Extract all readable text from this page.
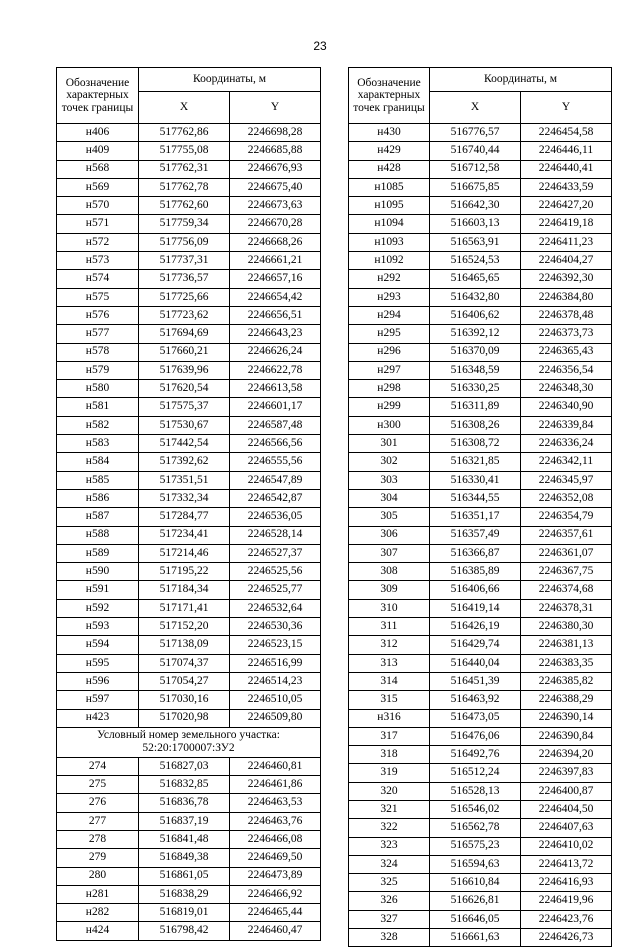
23
Обозначение характерных точек границы	Координаты, м	
	X	Y
н406	517762,86	2246698,28
н409	517755,08	2246685,88
н568	517762,31	2246676,93
н569	517762,78	2246675,40
н570	517762,60	2246673,63
н571	517759,34	2246670,28
н572	517756,09	2246668,26
н573	517737,31	2246661,21
н574	517736,57	2246657,16
н575	517725,66	2246654,42
н576	517723,62	2246656,51
н577	517694,69	2246643,23
н578	517660,21	2246626,24
н579	517639,96	2246622,78
н580	517620,54	2246613,58
н581	517575,37	2246601,17
н582	517530,67	2246587,48
н583	517442,54	2246566,56
н584	517392,62	2246555,56
н585	517351,51	2246547,89
н586	517332,34	2246542,87
н587	517284,77	2246536,05
н588	517234,41	2246528,14
н589	517214,46	2246527,37
н590	517195,22	2246525,56
н591	517184,34	2246525,77
н592	517171,41	2246532,64
н593	517152,20	2246530,36
н594	517138,09	2246523,15
н595	517074,37	2246516,99
н596	517054,27	2246514,23
н597	517030,16	2246510,05
н423	517020,98	2246509,80
Условный номер земельного участка: 52:20:1700007:ЗУ2		
274	516827,03	2246460,81
275	516832,85	2246461,86
276	516836,78	2246463,53
277	516837,19	2246463,76
278	516841,48	2246466,08
279	516849,38	2246469,50
280	516861,05	2246473,89
н281	516838,29	2246466,92
н282	516819,01	2246465,44
н424	516798,42	2246460,47
Обозначение характерных точек границы	Координаты, м	
	X	Y
н430	516776,57	2246454,58
н429	516740,44	2246446,11
н428	516712,58	2246440,41
н1085	516675,85	2246433,59
н1095	516642,30	2246427,20
н1094	516603,13	2246419,18
н1093	516563,91	2246411,23
н1092	516524,53	2246404,27
н292	516465,65	2246392,30
н293	516432,80	2246384,80
н294	516406,62	2246378,48
н295	516392,12	2246373,73
н296	516370,09	2246365,43
н297	516348,59	2246356,54
н298	516330,25	2246348,30
н299	516311,89	2246340,90
н300	516308,26	2246339,84
301	516308,72	2246336,24
302	516321,85	2246342,11
303	516330,41	2246345,97
304	516344,55	2246352,08
305	516351,17	2246354,79
306	516357,49	2246357,61
307	516366,87	2246361,07
308	516385,89	2246367,75
309	516406,66	2246374,68
310	516419,14	2246378,31
311	516426,19	2246380,30
312	516429,74	2246381,13
313	516440,04	2246383,35
314	516451,39	2246385,82
315	516463,92	2246388,29
н316	516473,05	2246390,14
317	516476,06	2246390,84
318	516492,76	2246394,20
319	516512,24	2246397,83
320	516528,13	2246400,87
321	516546,02	2246404,50
322	516562,78	2246407,63
323	516575,23	2246410,02
324	516594,63	2246413,72
325	516610,84	2246416,93
326	516626,81	2246419,96
327	516646,05	2246423,76
328	516661,63	2246426,73
